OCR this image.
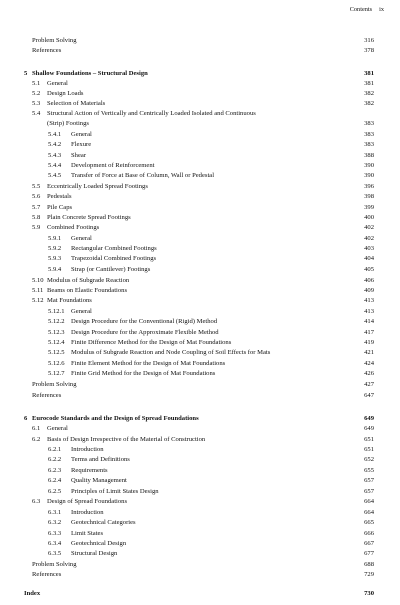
Contents ix
Problem Solving	316
References	378
5 Shallow Foundations – Structural Design	381
5.1 General	381
5.2 Design Loads	382
5.3 Selection of Materials	382
5.4 Structural Action of Vertically and Centrically Loaded Isolated and Continuous
(Strip) Footings	383
5.4.1 General	383
5.4.2 Flexure	383
5.4.3 Shear	388
5.4.4 Development of Reinforcement	390
5.4.5 Transfer of Force at Base of Column, Wall or Pedestal	390
5.5 Eccentrically Loaded Spread Footings	396
5.6 Pedestals	398
5.7 Pile Caps	399
5.8 Plain Concrete Spread Footings	400
5.9 Combined Footings	402
5.9.1 General	402
5.9.2 Rectangular Combined Footings	403
5.9.3 Trapezoidal Combined Footings	404
5.9.4 Strap (or Cantilever) Footings	405
5.10 Modulus of Subgrade Reaction	406
5.11 Beams on Elastic Foundations	409
5.12 Mat Foundations	413
5.12.1 General	413
5.12.2 Design Procedure for the Conventional (Rigid) Method	414
5.12.3 Design Procedure for the Approximate Flexible Method	417
5.12.4 Finite Difference Method for the Design of Mat Foundations	419
5.12.5 Modulus of Subgrade Reaction and Node Coupling of Soil Effects for Mats	421
5.12.6 Finite Element Method for the Design of Mat Foundations	424
5.12.7 Finite Grid Method for the Design of Mat Foundations	426
Problem Solving	427
References	647
6 Eurocode Standards and the Design of Spread Foundations	649
6.1 General	649
6.2 Basis of Design Irrespective of the Material of Construction	651
6.2.1 Introduction	651
6.2.2 Terms and Definitions	652
6.2.3 Requirements	655
6.2.4 Quality Management	657
6.2.5 Principles of Limit States Design	657
6.3 Design of Spread Foundations	664
6.3.1 Introduction	664
6.3.2 Geotechnical Categories	665
6.3.3 Limit States	666
6.3.4 Geotechnical Design	667
6.3.5 Structural Design	677
Problem Solving	688
References	729
Index	730
